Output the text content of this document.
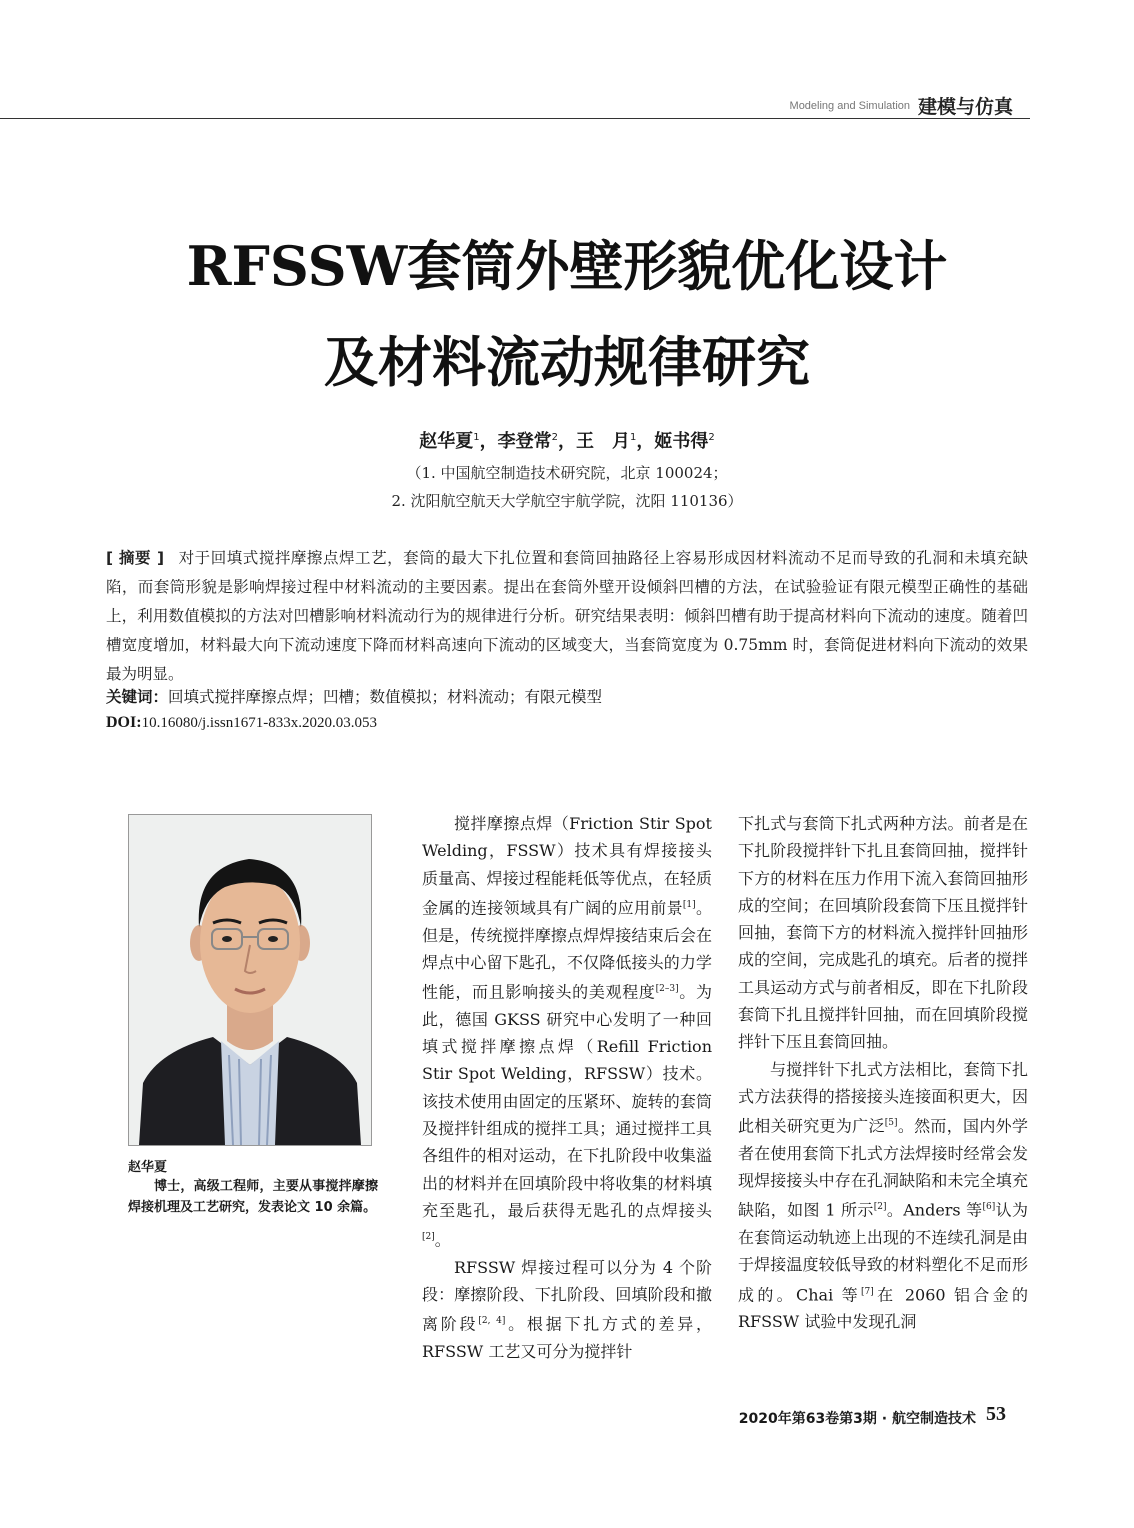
Modeling and Simulation 建模与仿真
RFSSW套筒外壁形貌优化设计
及材料流动规律研究
赵华夏$^1$，李登常$^2$，王　月$^1$，姬书得$^2$
（1. 中国航空制造技术研究院，北京 100024；
2. 沈阳航空航天大学航空宇航学院，沈阳 110136）
[ 摘要 ] 对于回填式搅拌摩擦点焊工艺，套筒的最大下扎位置和套筒回抽路径上容易形成因材料流动不足而导致的孔洞和未填充缺陷，而套筒形貌是影响焊接过程中材料流动的主要因素。提出在套筒外壁开设倾斜凹槽的方法，在试验验证有限元模型正确性的基础上，利用数值模拟的方法对凹槽影响材料流动行为的规律进行分析。研究结果表明：倾斜凹槽有助于提高材料向下流动的速度。随着凹槽宽度增加，材料最大向下流动速度下降而材料高速向下流动的区域变大，当套筒宽度为 0.75mm 时，套筒促进材料向下流动的效果最为明显。
关键词：回填式搅拌摩擦点焊；凹槽；数值模拟；材料流动；有限元模型
DOI:10.16080/j.issn1671-833x.2020.03.053
赵华夏
博士，高级工程师，主要从事搅拌摩擦焊接机理及工艺研究，发表论文 10 余篇。

搅拌摩擦点焊（Friction Stir Spot Welding，FSSW）技术具有焊接接头质量高、焊接过程能耗低等优点，在轻质金属的连接领域具有广阔的应用前景[1]。但是，传统搅拌摩擦点焊焊接结束后会在焊点中心留下匙孔，不仅降低接头的力学性能，而且影响接头的美观程度[2–3]。为此，德国 GKSS 研究中心发明了一种回填式搅拌摩擦点焊（Refill Friction Stir Spot Welding，RFSSW）技术。该技术使用由固定的压紧环、旋转的套筒及搅拌针组成的搅拌工具；通过搅拌工具各组件的相对运动，在下扎阶段中收集溢出的材料并在回填阶段中将收集的材料填充至匙孔，最后获得无匙孔的点焊接头[2]。

RFSSW 焊接过程可以分为 4 个阶段：摩擦阶段、下扎阶段、回填阶段和撤离阶段[2, 4]。根据下扎方式的差异，RFSSW 工艺又可分为搅拌针

下扎式与套筒下扎式两种方法。前者是在下扎阶段搅拌针下扎且套筒回抽，搅拌针下方的材料在压力作用下流入套筒回抽形成的空间；在回填阶段套筒下压且搅拌针回抽，套筒下方的材料流入搅拌针回抽形成的空间，完成匙孔的填充。后者的搅拌工具运动方式与前者相反，即在下扎阶段套筒下扎且搅拌针回抽，而在回填阶段搅拌针下压且套筒回抽。

与搅拌针下扎式方法相比，套筒下扎式方法获得的搭接接头连接面积更大，因此相关研究更为广泛[5]。然而，国内外学者在使用套筒下扎式方法焊接时经常会发现焊接接头中存在孔洞缺陷和未完全填充缺陷，如图 1 所示[2]。Anders 等[6]认为在套筒运动轨迹上出现的不连续孔洞是由于焊接温度较低导致的材料塑化不足而形成的。Chai 等[7]在 2060 铝合金的 RFSSW 试验中发现孔洞

2020年第63卷第3期 · 航空制造技术 53
